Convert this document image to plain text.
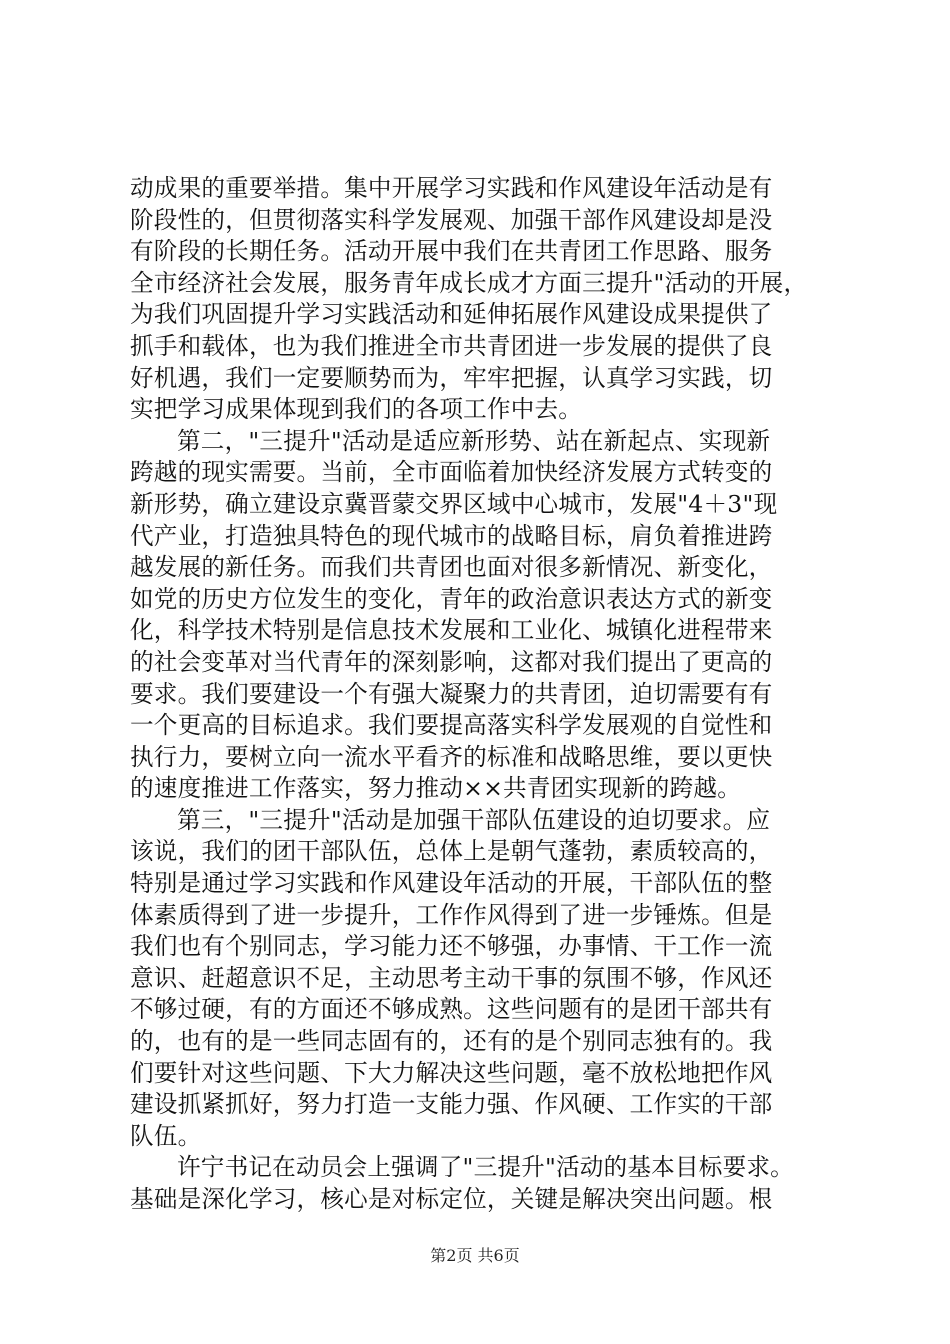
动成果的重要举措。集中开展学习实践和作风建设年活动是有
阶段性的，但贯彻落实科学发展观、加强干部作风建设却是没
有阶段的长期任务。活动开展中我们在共青团工作思路、服务
全市经济社会发展，服务青年成长成才方面三提升"活动的开展，
为我们巩固提升学习实践活动和延伸拓展作风建设成果提供了
抓手和载体，也为我们推进全市共青团进一步发展的提供了良
好机遇，我们一定要顺势而为，牢牢把握，认真学习实践，切
实把学习成果体现到我们的各项工作中去。
第二，"三提升"活动是适应新形势、站在新起点、实现新
跨越的现实需要。当前，全市面临着加快经济发展方式转变的
新形势，确立建设京冀晋蒙交界区域中心城市，发展"4＋3"现
代产业，打造独具特色的现代城市的战略目标，肩负着推进跨
越发展的新任务。而我们共青团也面对很多新情况、新变化，
如党的历史方位发生的变化，青年的政治意识表达方式的新变
化，科学技术特别是信息技术发展和工业化、城镇化进程带来
的社会变革对当代青年的深刻影响，这都对我们提出了更高的
要求。我们要建设一个有强大凝聚力的共青团，迫切需要有有
一个更高的目标追求。我们要提高落实科学发展观的自觉性和
执行力，要树立向一流水平看齐的标准和战略思维，要以更快
的速度推进工作落实，努力推动××共青团实现新的跨越。
第三，"三提升"活动是加强干部队伍建设的迫切要求。应
该说，我们的团干部队伍，总体上是朝气蓬勃，素质较高的，
特别是通过学习实践和作风建设年活动的开展，干部队伍的整
体素质得到了进一步提升，工作作风得到了进一步锤炼。但是
我们也有个别同志，学习能力还不够强，办事情、干工作一流
意识、赶超意识不足，主动思考主动干事的氛围不够，作风还
不够过硬，有的方面还不够成熟。这些问题有的是团干部共有
的，也有的是一些同志固有的，还有的是个别同志独有的。我
们要针对这些问题、下大力解决这些问题，毫不放松地把作风
建设抓紧抓好，努力打造一支能力强、作风硬、工作实的干部
队伍。
许宁书记在动员会上强调了"三提升"活动的基本目标要求。
基础是深化学习，核心是对标定位，关键是解决突出问题。根
第2页 共6页
